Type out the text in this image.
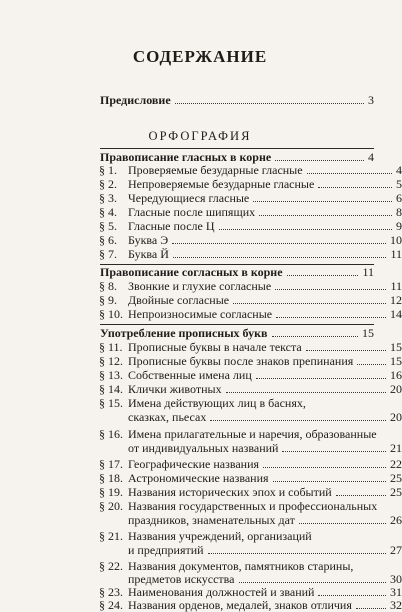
СОДЕРЖАНИЕ
Предисловие	3
ОРФОГРАФИЯ
Правописание гласных в корне	4
§ 1. Проверяемые безударные гласные	4
§ 2. Непроверяемые безударные гласные	5
§ 3. Чередующиеся гласные	6
§ 4. Гласные после шипящих	8
§ 5. Гласные после Ц	9
§ 6. Буква Э	10
§ 7. Буква Й	11
Правописание согласных в корне	11
§ 8. Звонкие и глухие согласные	11
§ 9. Двойные согласные	12
§ 10. Непроизносимые согласные	14
Употребление прописных букв	15
§ 11. Прописные буквы в начале текста	15
§ 12. Прописные буквы после знаков препинания	15
§ 13. Собственные имена лиц	16
§ 14. Клички животных	20
§ 15. Имена действующих лиц в баснях,
сказках, пьесах	20
§ 16. Имена прилагательные и наречия, образованные
от индивидуальных названий	21
§ 17. Географические названия	22
§ 18. Астрономические названия	25
§ 19. Названия исторических эпох и событий	25
§ 20. Названия государственных и профессиональных
праздников, знаменательных дат	26
§ 21. Названия учреждений, организаций
и предприятий	27
§ 22. Названия документов, памятников старины,
предметов искусства	30
§ 23. Наименования должностей и званий	31
§ 24. Названия орденов, медалей, знаков отличия	32
